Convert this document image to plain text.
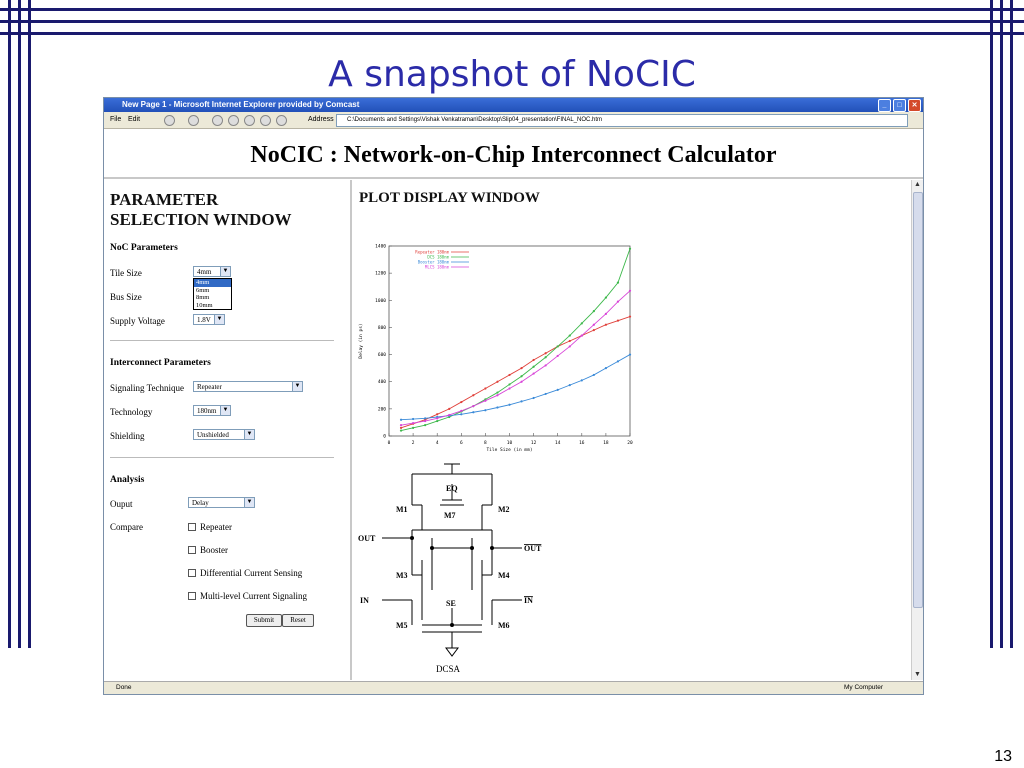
A snapshot of NoCIC
13
New Page 1 - Microsoft Internet Explorer provided by Comcast	_	□	✕
File Edit	Address	C:\Documents and Settings\Vishak Venkatraman\Desktop\Slip04_presentation\FINAL_NOC.htm
NoCIC : Network-on-Chip Interconnect Calculator
PARAMETER
SELECTION WINDOW
NoC Parameters
Tile Size	4mm	▼
Bus Size
Supply Voltage	1.8V ▼
4mm
6mm
8mm
10mm
Interconnect Parameters
Signaling Technique	Repeater	▼
Technology	180nm	▼
Shielding	Unshielded	▼
Analysis
Ouput	Delay	▼
Compare	Repeater
Booster
Differential Current Sensing
Multi-level Current Signaling
Submit	Reset
PLOT DISPLAY WINDOW
0	2	4	6	8	10	12	14	16	18	20
0
200
400
600
800
1000
1200
1400
Tile Size (in mm)
Delay (in ps)
Repeater 180nm
DCS 180nm
Booster 180nm
MLCS 180nm
EQ
M1	M2
M7
OUT
OUT
M3	M4
IN	IN
SE
M5	M6
DCSA
▲
▼
Done	My Computer
